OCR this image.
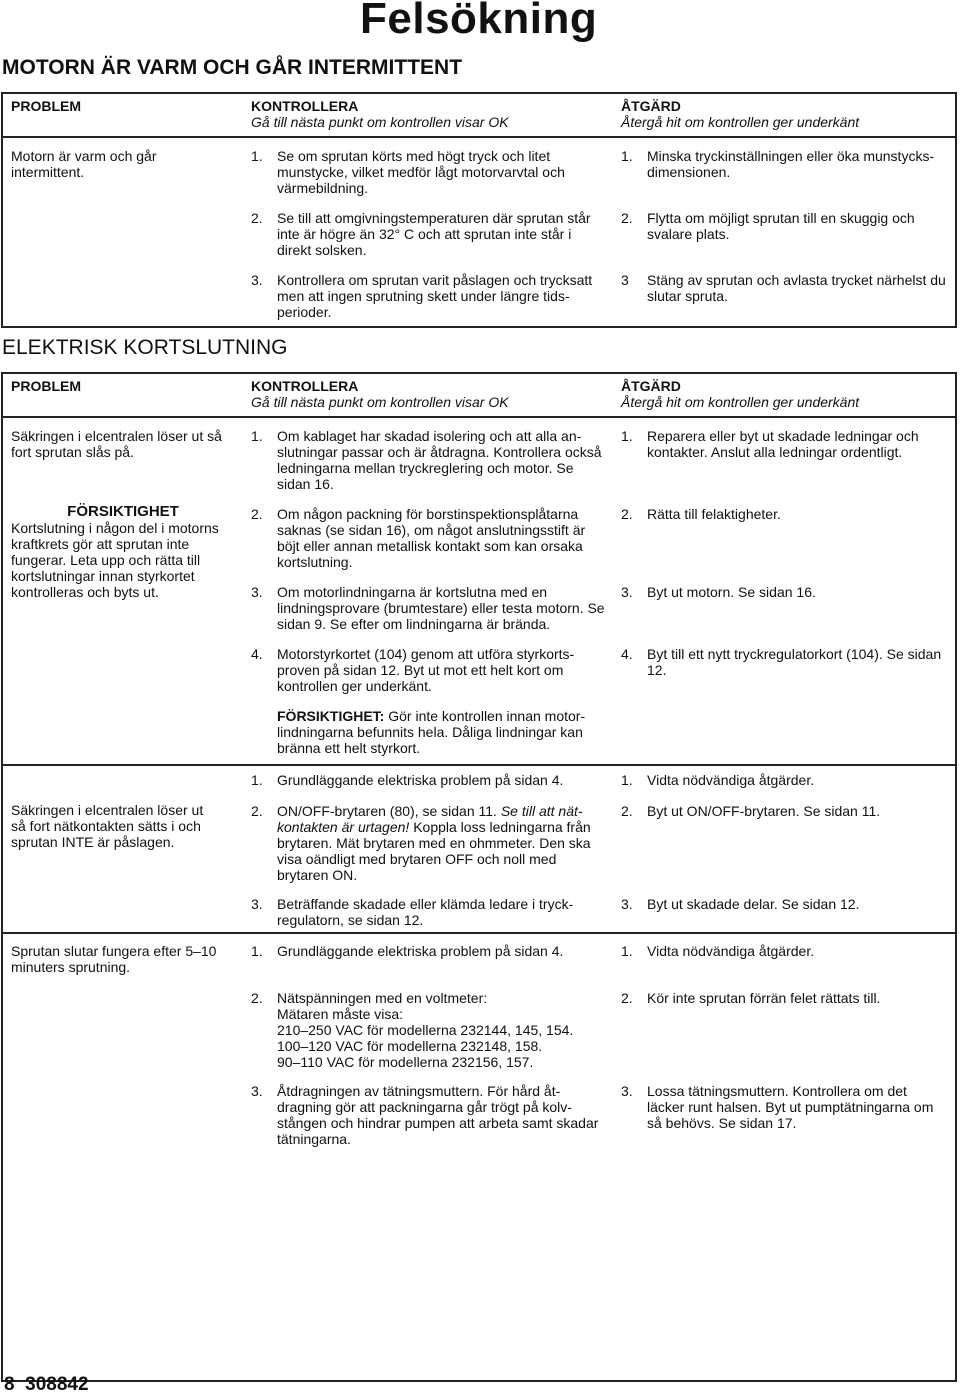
Felsökning
MOTORN ÄR VARM OCH GÅR INTERMITTENT
PROBLEM	KONTROLLERA
Gå till nästa punkt om kontrollen visar OK
ÅTGÄRD
Återgå hit om kontrollen ger underkänt
Motorn är varm och går intermittent.
1. Se om sprutan körts med högt tryck och litet munstycke, vilket medför lågt motorvarvtal och värmebildning.
2. Se till att omgivningstemperaturen där sprutan står inte är högre än 32° C och att sprutan inte står i direkt solsken.
3. Kontrollera om sprutan varit påslagen och trycksatt men att ingen sprutning skett under längre tids-perioder.
1. Minska tryckinställningen eller öka munstycks-dimensionen.
2. Flytta om möjligt sprutan till en skuggig och svalare plats.
3 Stäng av sprutan och avlasta trycket närhelst du slutar spruta.
ELEKTRISK KORTSLUTNING
PROBLEM	KONTROLLERA
Gå till nästa punkt om kontrollen visar OK
ÅTGÄRD
Återgå hit om kontrollen ger underkänt
Säkringen i elcentralen löser ut så fort sprutan slås på.
FÖRSIKTIGHET
Kortslutning i någon del i motorns kraftkrets gör att sprutan inte fungerar. Leta upp och rätta till kortslutningar innan styrkortet kontrolleras och byts ut.
1. Om kablaget har skadad isolering och att alla an-slutningar passar och är åtdragna. Kontrollera också ledningarna mellan tryckreglering och motor. Se sidan 16.
2. Om någon packning för borstinspektionsplåtarna saknas (se sidan 16), om något anslutningsstift är böjt eller annan metallisk kontakt som kan orsaka kortslutning.
3. Om motorlindningarna är kortslutna med en lindningsprovare (brumtestare) eller testa motorn. Se sidan 9. Se efter om lindningarna är brända.
4. Motorstyrkortet (104) genom att utföra styrkorts-proven på sidan 12. Byt ut mot ett helt kort om kontrollen ger underkänt.
FÖRSIKTIGHET: Gör inte kontrollen innan motor-lindningarna befunnits hela. Dåliga lindningar kan bränna ett helt styrkort.
1. Reparera eller byt ut skadade ledningar och kontakter. Anslut alla ledningar ordentligt.
2. Rätta till felaktigheter.
3. Byt ut motorn. Se sidan 16.
4. Byt till ett nytt tryckregulatorkort (104). Se sidan 12.
Säkringen i elcentralen löser ut så fort nätkontakten sätts i och sprutan INTE är påslagen.
1. Grundläggande elektriska problem på sidan 4.
2. ON/OFF-brytaren (80), se sidan 11. Se till att nät-kontakten är urtagen! Koppla loss ledningarna från brytaren. Mät brytaren med en ohmmeter. Den ska visa oändligt med brytaren OFF och noll med brytaren ON.
3. Beträffande skadade eller klämda ledare i tryck-regulatorn, se sidan 12.
1. Vidta nödvändiga åtgärder.
2. Byt ut ON/OFF-brytaren. Se sidan 11.
3. Byt ut skadade delar. Se sidan 12.
Sprutan slutar fungera efter 5–10 minuters sprutning.
1. Grundläggande elektriska problem på sidan 4.
2. Nätspänningen med en voltmeter:
Mätaren måste visa:
210–250 VAC för modellerna 232144, 145, 154.
100–120 VAC för modellerna 232148, 158.
90–110 VAC för modellerna 232156, 157.
3. Åtdragningen av tätningsmuttern. För hård åt-dragning gör att packningarna går trögt på kolv-stången och hindrar pumpen att arbeta samt skadar tätningarna.
1. Vidta nödvändiga åtgärder.
2. Kör inte sprutan förrän felet rättats till.
3. Lossa tätningsmuttern. Kontrollera om det läcker runt halsen. Byt ut pumptätningarna om så behövs. Se sidan 17.
8 308842
